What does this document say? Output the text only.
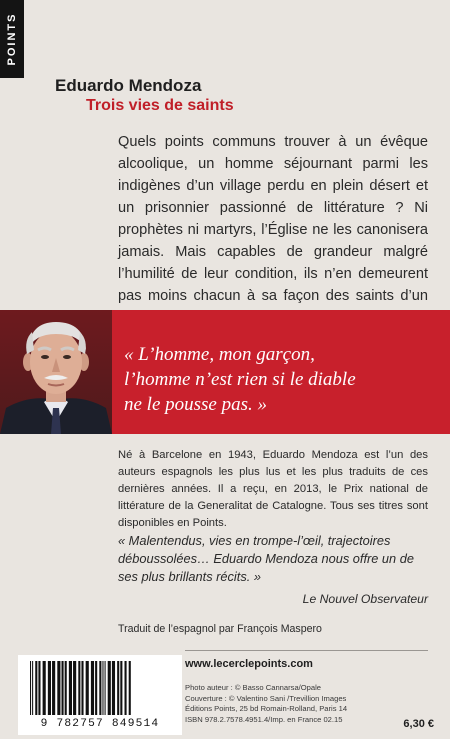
POINTS
Eduardo Mendoza
Trois vies de saints
Quels points communs trouver à un évêque alcoolique, un homme séjournant parmi les indigènes d’un village perdu en plein désert et un prisonnier passionné de littérature ? Ni prophètes ni martyrs, l’Église ne les canonisera jamais. Mais capables de grandeur malgré l’humilité de leur condition, ils n’en demeurent pas moins chacun à sa façon des saints d’un
« L’homme, mon garçon,
l’homme n’est rien si le diable
ne le pousse pas. »
Né à Barcelone en 1943, Eduardo Mendoza est l’un des auteurs espagnols les plus lus et les plus traduits de ces dernières années. Il a reçu, en 2013, le Prix national de littérature de la Generalitat de Catalogne. Tous ses titres sont disponibles en Points.
« Malentendus, vies en trompe-l’œil, trajectoires déboussolées… Eduardo Mendoza nous offre un de ses plus brillants récits. »
Le Nouvel Observateur
Traduit de l’espagnol par François Maspero
www.lecerclepoints.com
9 782757 849514
Photo auteur : © Basso Cannarsa/Opale
Couverture : © Valentino Sani /Trevillion Images
Éditions Points, 25 bd Romain-Rolland, Paris 14
ISBN 978.2.7578.4951.4/Imp. en France 02.15	6,30 €
